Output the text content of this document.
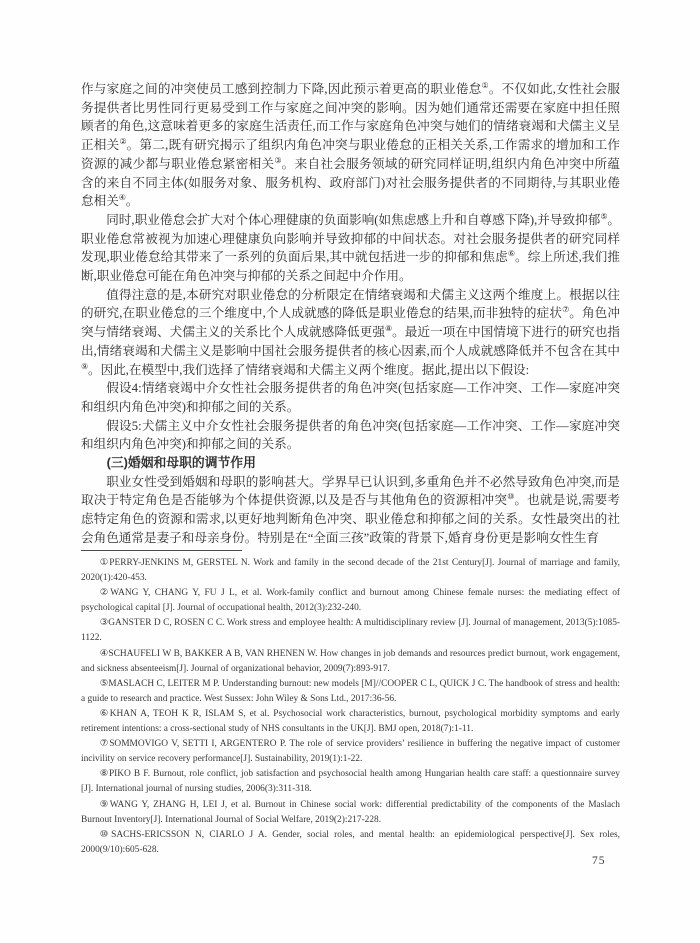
作与家庭之间的冲突使员工感到控制力下降,因此预示着更高的职业倦怠①。不仅如此,女性社会服务提供者比男性同行更易受到工作与家庭之间冲突的影响。因为她们通常还需要在家庭中担任照顾者的角色,这意味着更多的家庭生活责任,而工作与家庭角色冲突与她们的情绪衰竭和犬儒主义呈正相关②。第二,既有研究揭示了组织内角色冲突与职业倦怠的正相关关系,工作需求的增加和工作资源的减少都与职业倦怠紧密相关③。来自社会服务领域的研究同样证明,组织内角色冲突中所蕴含的来自不同主体(如服务对象、服务机构、政府部门)对社会服务提供者的不同期待,与其职业倦怠相关④。

同时,职业倦怠会扩大对个体心理健康的负面影响(如焦虑感上升和自尊感下降),并导致抑郁⑤。职业倦怠常被视为加速心理健康负向影响并导致抑郁的中间状态。对社会服务提供者的研究同样发现,职业倦怠给其带来了一系列的负面后果,其中就包括进一步的抑郁和焦虑⑥。综上所述,我们推断,职业倦怠可能在角色冲突与抑郁的关系之间起中介作用。

值得注意的是,本研究对职业倦怠的分析限定在情绪衰竭和犬儒主义这两个维度上。根据以往的研究,在职业倦怠的三个维度中,个人成就感的降低是职业倦怠的结果,而非独特的症状⑦。角色冲突与情绪衰竭、犬儒主义的关系比个人成就感降低更强⑧。最近一项在中国情境下进行的研究也指出,情绪衰竭和犬儒主义是影响中国社会服务提供者的核心因素,而个人成就感降低并不包含在其中⑨。因此,在模型中,我们选择了情绪衰竭和犬儒主义两个维度。据此,提出以下假设:

假设4:情绪衰竭中介女性社会服务提供者的角色冲突(包括家庭—工作冲突、工作—家庭冲突和组织内角色冲突)和抑郁之间的关系。

假设5:犬儒主义中介女性社会服务提供者的角色冲突(包括家庭—工作冲突、工作—家庭冲突和组织内角色冲突)和抑郁之间的关系。

(三)婚姻和母职的调节作用

职业女性受到婚姻和母职的影响甚大。学界早已认识到,多重角色并不必然导致角色冲突,而是取决于特定角色是否能够为个体提供资源,以及是否与其他角色的资源相冲突⑩。也就是说,需要考虑特定角色的资源和需求,以更好地判断角色冲突、职业倦怠和抑郁之间的关系。女性最突出的社会角色通常是妻子和母亲身份。特别是在“全面三孩”政策的背景下,婚育身份更是影响女性生育

①PERRY-JENKINS M, GERSTEL N. Work and family in the second decade of the 21st Century[J]. Journal of marriage and family, 2020(1):420-453.

②WANG Y, CHANG Y, FU J L, et al. Work-family conflict and burnout among Chinese female nurses: the mediating effect of psychological capital [J]. Journal of occupational health, 2012(3):232-240.

③GANSTER D C, ROSEN C C. Work stress and employee health: A multidisciplinary review [J]. Journal of management, 2013(5):1085-1122.

④SCHAUFELI W B, BAKKER A B, VAN RHENEN W. How changes in job demands and resources predict burnout, work engagement, and sickness absenteeism[J]. Journal of organizational behavior, 2009(7):893-917.

⑤MASLACH C, LEITER M P. Understanding burnout: new models [M]//COOPER C L, QUICK J C. The handbook of stress and health: a guide to research and practice. West Sussex: John Wiley & Sons Ltd., 2017:36-56.

⑥KHAN A, TEOH K R, ISLAM S, et al. Psychosocial work characteristics, burnout, psychological morbidity symptoms and early retirement intentions: a cross-sectional study of NHS consultants in the UK[J]. BMJ open, 2018(7):1-11.

⑦SOMMOVIGO V, SETTI I, ARGENTERO P. The role of service providers’ resilience in buffering the negative impact of customer incivility on service recovery performance[J]. Sustainability, 2019(1):1-22.

⑧PIKO B F. Burnout, role conflict, job satisfaction and psychosocial health among Hungarian health care staff: a questionnaire survey [J]. International journal of nursing studies, 2006(3):311-318.

⑨WANG Y, ZHANG H, LEI J, et al. Burnout in Chinese social work: differential predictability of the components of the Maslach Burnout Inventory[J]. International Journal of Social Welfare, 2019(2):217-228.

⑩SACHS-ERICSSON N, CIARLO J A. Gender, social roles, and mental health: an epidemiological perspective[J]. Sex roles, 2000(9/10):605-628.

75
